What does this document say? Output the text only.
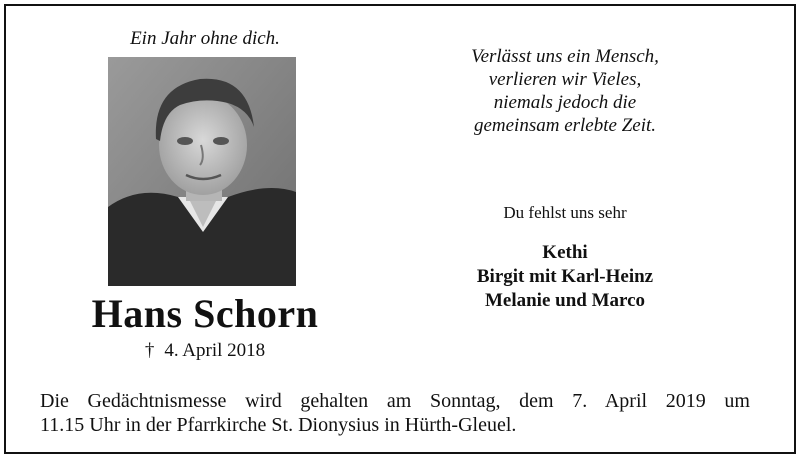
Ein Jahr ohne dich.
Hans Schorn
† 4. April 2018
Verlässt uns ein Mensch,
verlieren wir Vieles,
niemals jedoch die
gemeinsam erlebte Zeit.
Du fehlst uns sehr
Kethi
Birgit mit Karl-Heinz
Melanie und Marco
Die Gedächtnismesse wird gehalten am Sonntag, dem 7. April 2019 um
11.15 Uhr in der Pfarrkirche St. Dionysius in Hürth-Gleuel.
